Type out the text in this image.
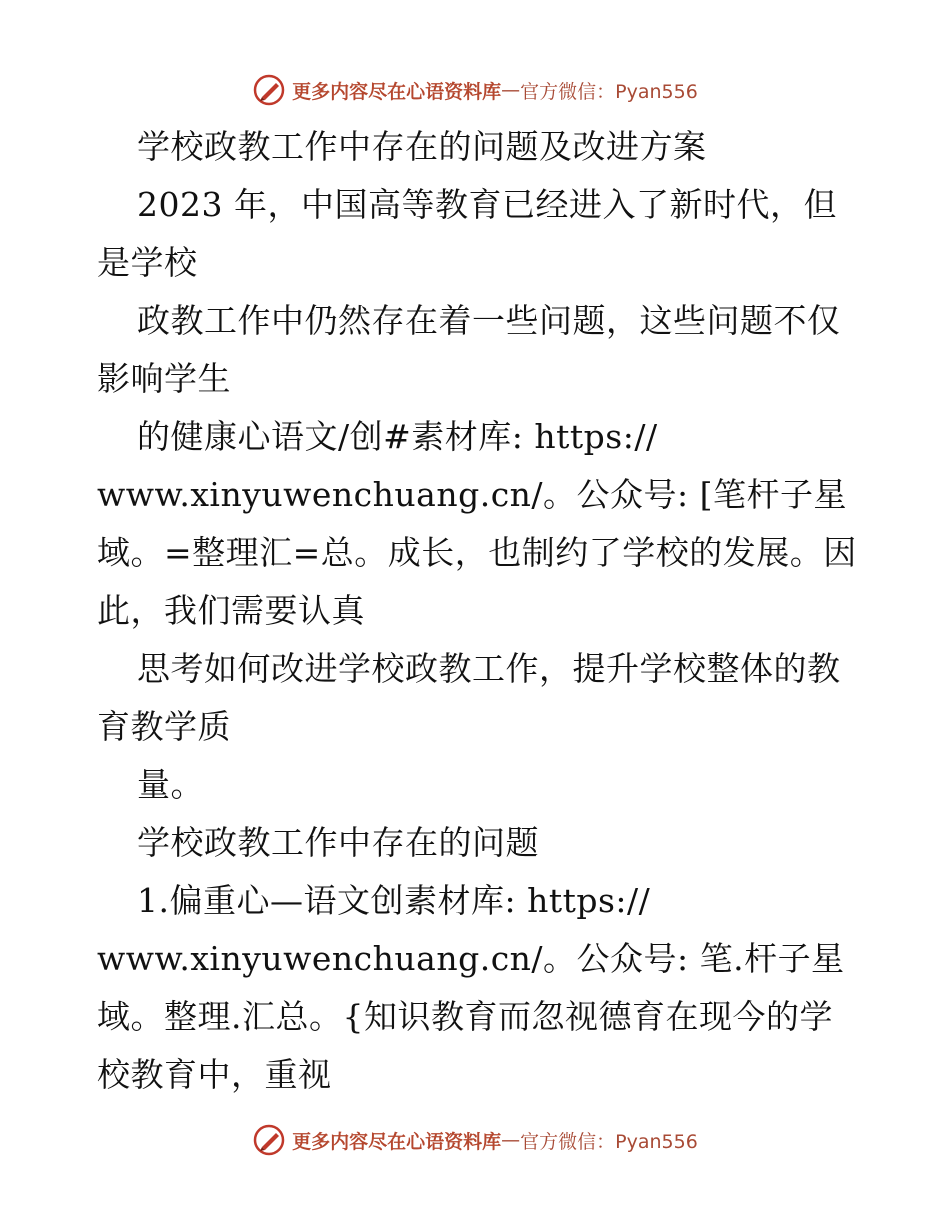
更多内容尽在心语资料库 — 官方微信：Pyan556
学校政教工作中存在的问题及改进方案
2023 年，中国高等教育已经进入了新时代，但
是学校
政教工作中仍然存在着一些问题，这些问题不仅
影响学生
的健康心语文/创#素材库: https://
www.xinyuwenchuang.cn/。公众号: [笔杆子星
域。=整理汇=总。成长，也制约了学校的发展。因
此，我们需要认真
思考如何改进学校政教工作，提升学校整体的教
育教学质
量。
学校政教工作中存在的问题
1.偏重心—语文创素材库: https://
www.xinyuwenchuang.cn/。公众号: 笔.杆子星
域。整理.汇总。{知识教育而忽视德育在现今的学
校教育中，重视
更多内容尽在心语资料库 — 官方微信：Pyan556
